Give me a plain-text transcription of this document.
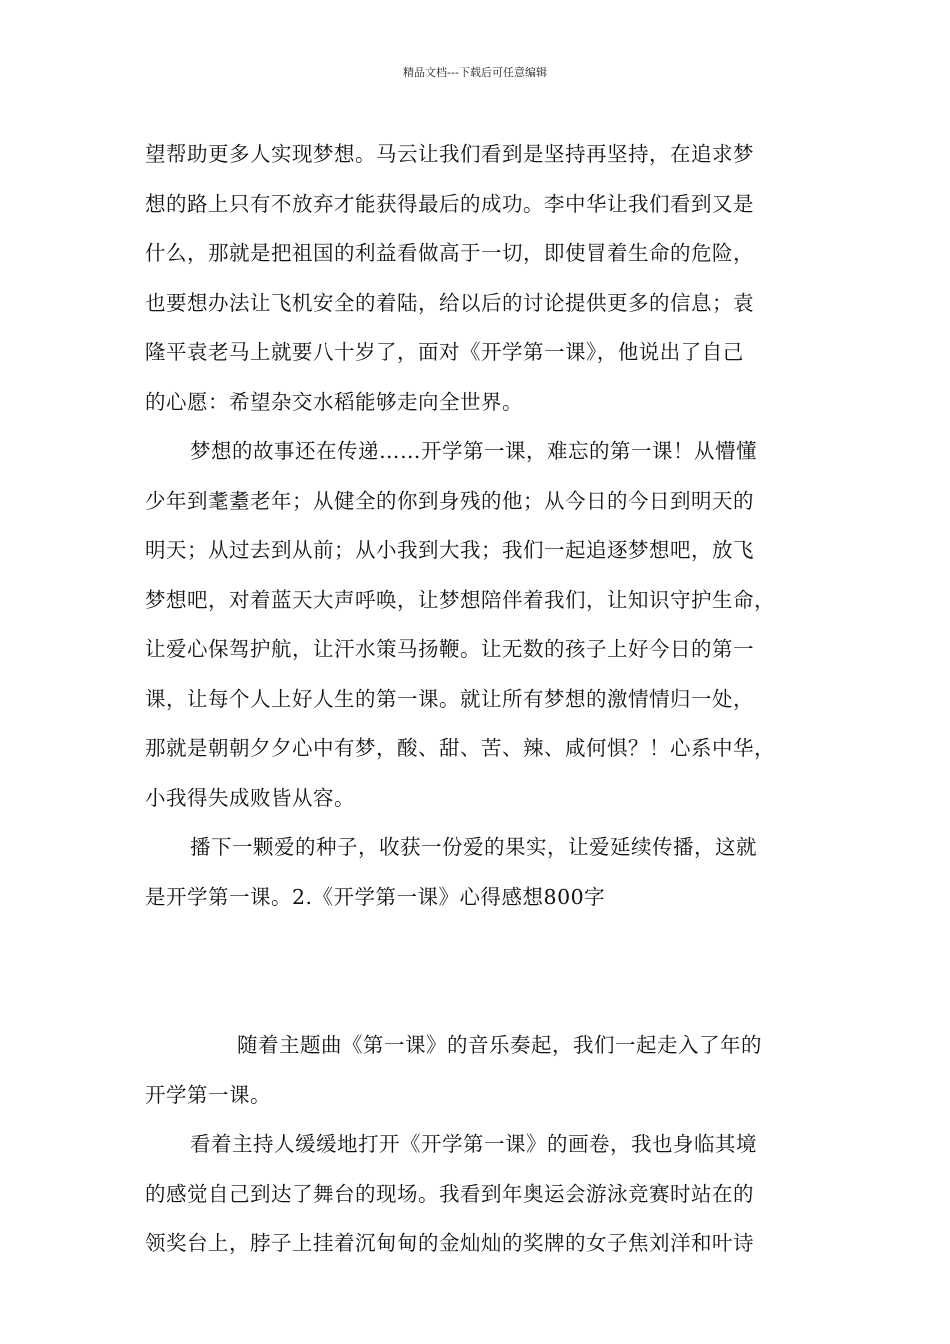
精品文档---下载后可任意编辑
望帮助更多人实现梦想。马云让我们看到是坚持再坚持，在追求梦
想的路上只有不放弃才能获得最后的成功。李中华让我们看到又是
什么，那就是把祖国的利益看做高于一切，即使冒着生命的危险，
也要想办法让飞机安全的着陆，给以后的讨论提供更多的信息；袁
隆平袁老马上就要八十岁了，面对《开学第一课》，他说出了自己
的心愿：希望杂交水稻能够走向全世界。
梦想的故事还在传递……开学第一课，难忘的第一课！从懵懂
少年到耄耋老年；从健全的你到身残的他；从今日的今日到明天的
明天；从过去到从前；从小我到大我；我们一起追逐梦想吧，放飞
梦想吧，对着蓝天大声呼唤，让梦想陪伴着我们，让知识守护生命，
让爱心保驾护航，让汗水策马扬鞭。让无数的孩子上好今日的第一
课，让每个人上好人生的第一课。就让所有梦想的激情情归一处，
那就是朝朝夕夕心中有梦，酸、甜、苦、辣、咸何惧？！心系中华，
小我得失成败皆从容。
播下一颗爱的种子，收获一份爱的果实，让爱延续传播，这就
是开学第一课。2.《开学第一课》心得感想800字
随着主题曲《第一课》的音乐奏起，我们一起走入了年的
开学第一课。
看着主持人缓缓地打开《开学第一课》的画卷，我也身临其境
的感觉自己到达了舞台的现场。我看到年奥运会游泳竞赛时站在的
领奖台上，脖子上挂着沉甸甸的金灿灿的奖牌的女子焦刘洋和叶诗
